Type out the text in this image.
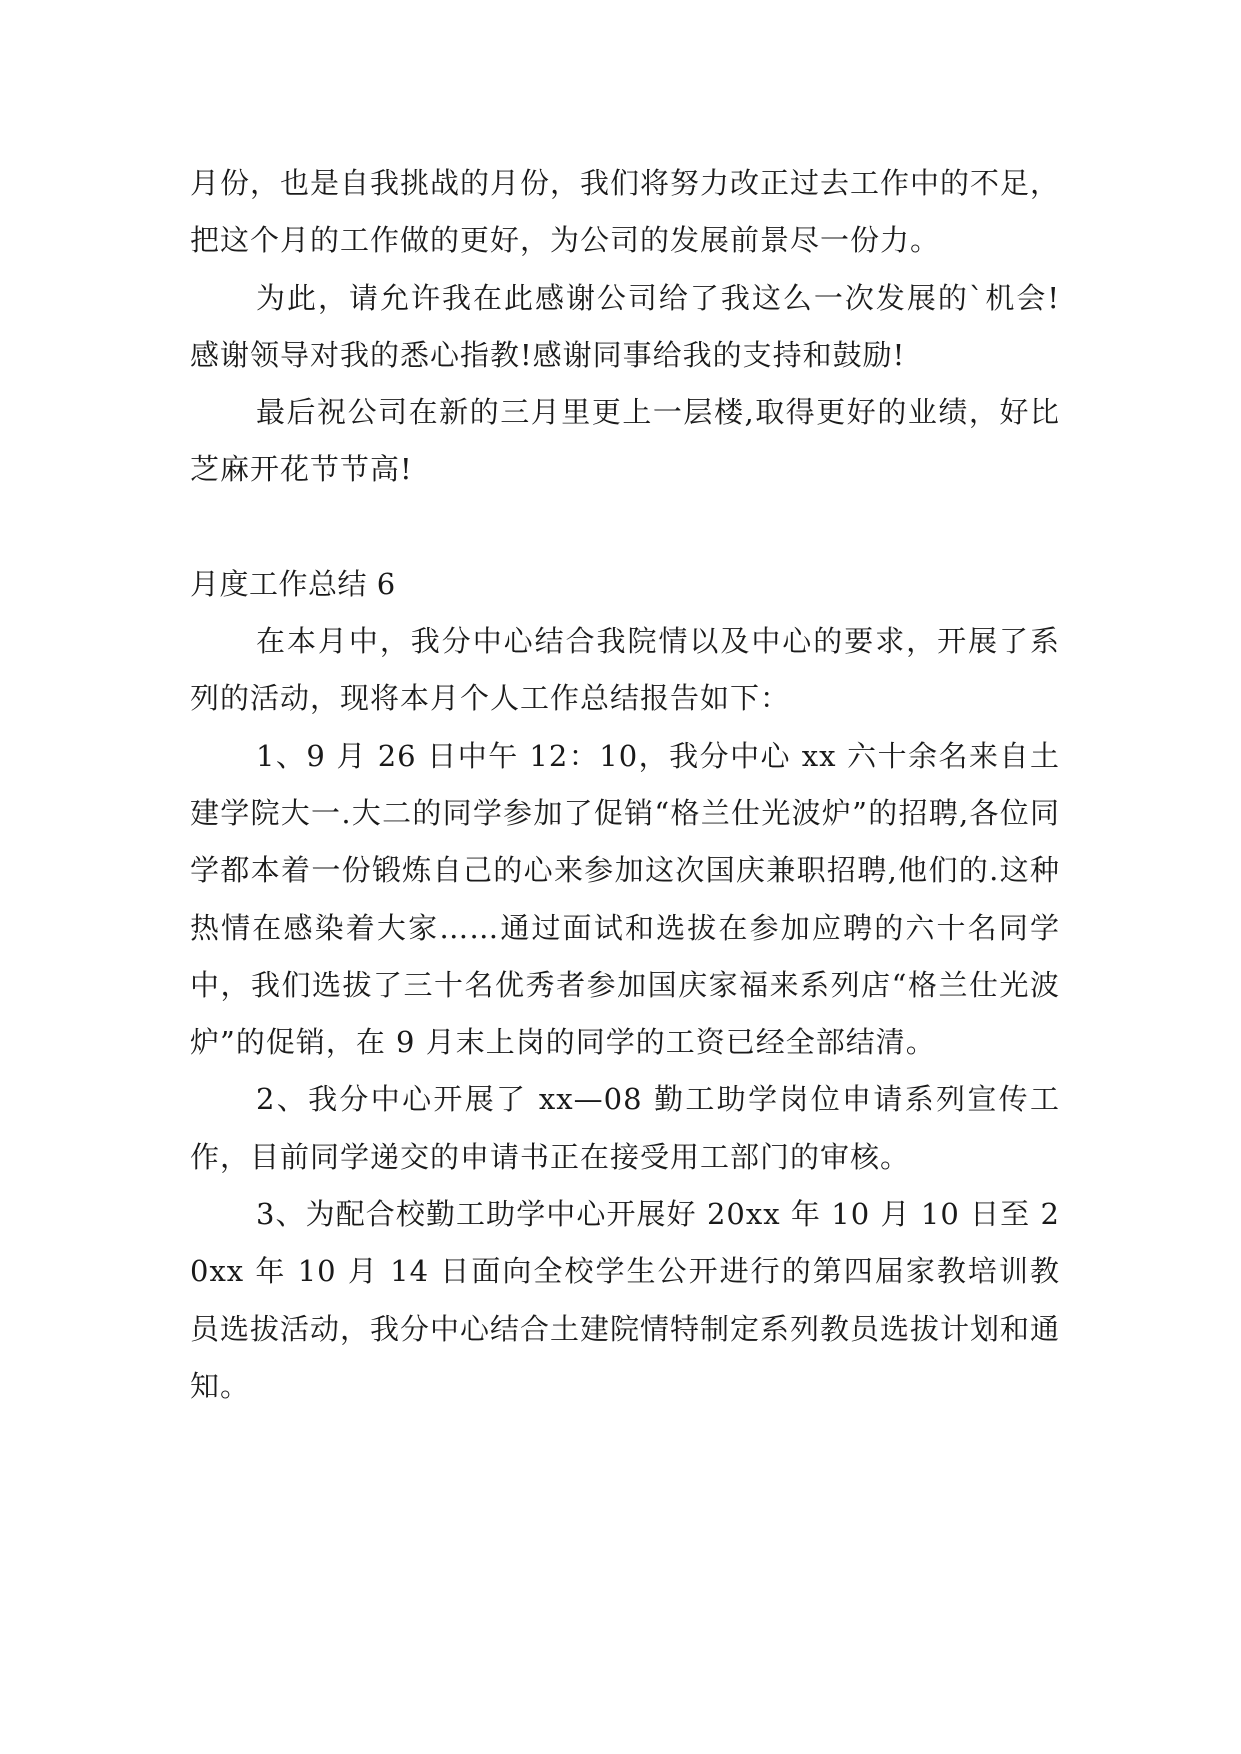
月份，也是自我挑战的月份，我们将努力改正过去工作中的不足，把这个月的工作做的更好，为公司的发展前景尽一份力。

为此，请允许我在此感谢公司给了我这么一次发展的`机会!感谢领导对我的悉心指教!感谢同事给我的支持和鼓励!

最后祝公司在新的三月里更上一层楼,取得更好的业绩，好比芝麻开花节节高!

月度工作总结 6

在本月中，我分中心结合我院情以及中心的要求，开展了系列的活动，现将本月个人工作总结报告如下：

1、9 月 26 日中午 12：10，我分中心 xx 六十余名来自土建学院大一.大二的同学参加了促销“格兰仕光波炉”的招聘,各位同学都本着一份锻炼自己的心来参加这次国庆兼职招聘,他们的.这种热情在感染着大家……通过面试和选拔在参加应聘的六十名同学中，我们选拔了三十名优秀者参加国庆家福来系列店“格兰仕光波炉”的促销，在 9 月末上岗的同学的工资已经全部结清。

2、我分中心开展了 xx—08 勤工助学岗位申请系列宣传工作，目前同学递交的申请书正在接受用工部门的审核。

3、为配合校勤工助学中心开展好 20xx 年 10 月 10 日至 20xx 年 10 月 14 日面向全校学生公开进行的第四届家教培训教员选拔活动，我分中心结合土建院情特制定系列教员选拔计划和通知。
